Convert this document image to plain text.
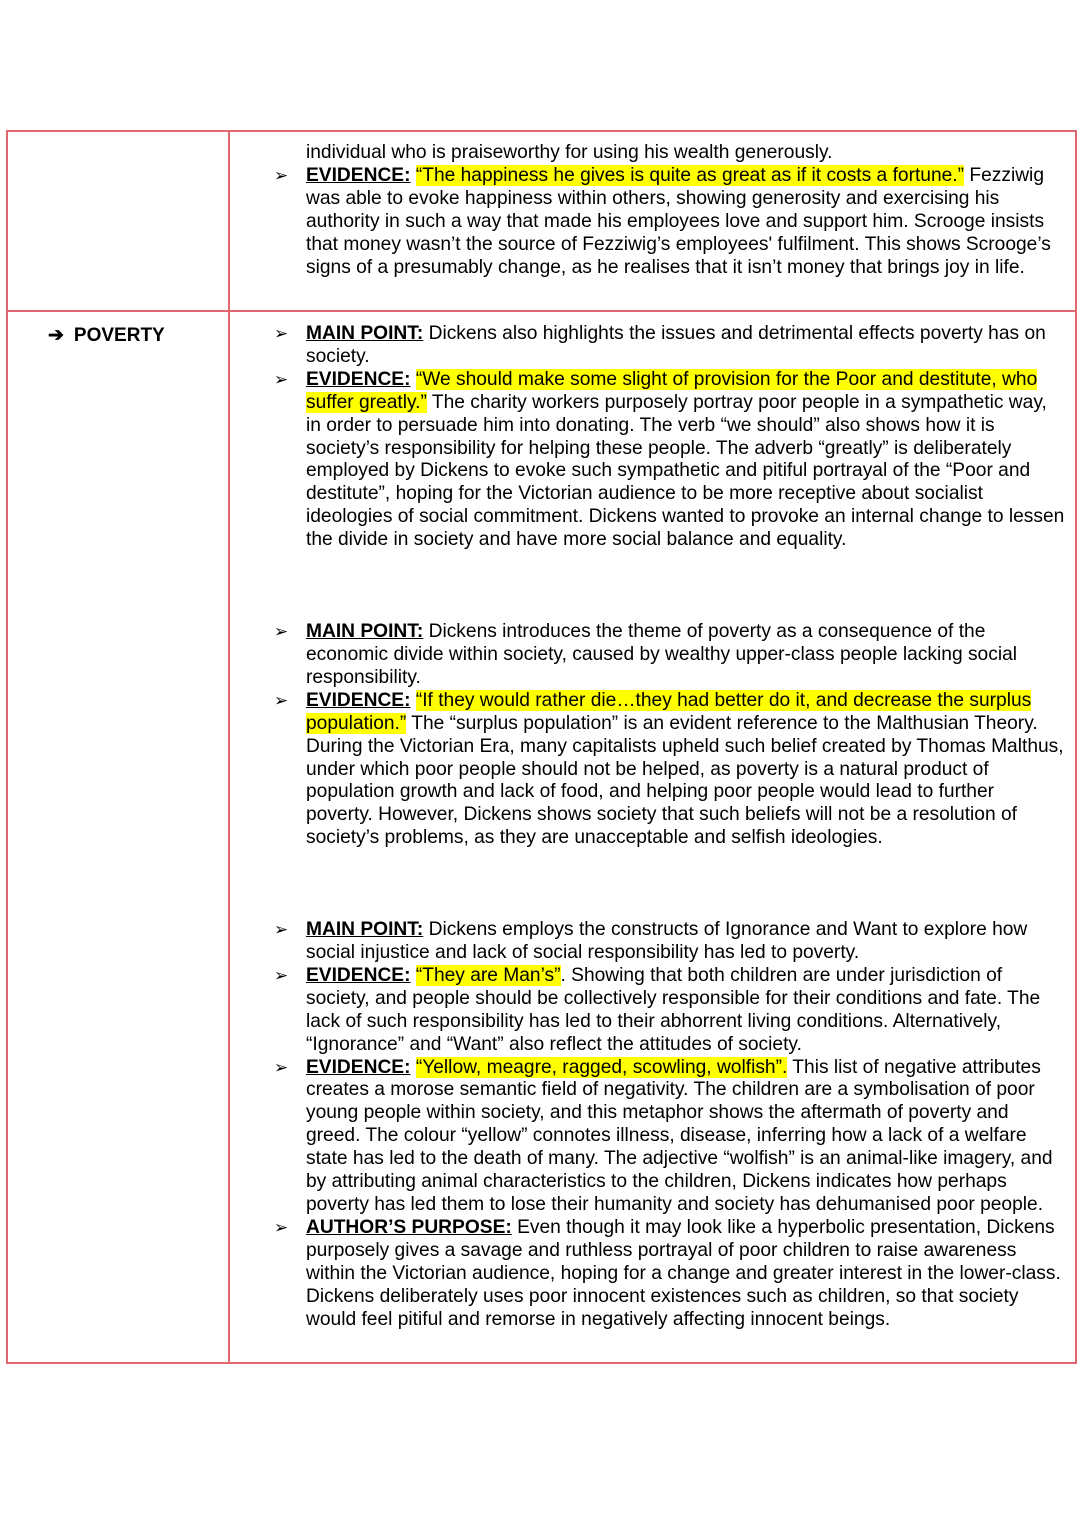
individual who is praiseworthy for using his wealth generously.
➢ EVIDENCE: “The happiness he gives is quite as great as if it costs a fortune.” Fezziwig was able to evoke happiness within others, showing generosity and exercising his authority in such a way that made his employees love and support him. Scrooge insists that money wasn’t the source of Fezziwig’s employees' fulfilment. This shows Scrooge’s signs of a presumably change, as he realises that it isn’t money that brings joy in life.
➔ POVERTY	➢ MAIN POINT: Dickens also highlights the issues and detrimental effects poverty has on society.
➢ EVIDENCE: “We should make some slight of provision for the Poor and destitute, who suffer greatly.” The charity workers purposely portray poor people in a sympathetic way, in order to persuade him into donating. The verb “we should” also shows how it is society’s responsibility for helping these people. The adverb “greatly” is deliberately employed by Dickens to evoke such sympathetic and pitiful portrayal of the “Poor and destitute”, hoping for the Victorian audience to be more receptive about socialist ideologies of social commitment. Dickens wanted to provoke an internal change to lessen the divide in society and have more social balance and equality.
➢ MAIN POINT: Dickens introduces the theme of poverty as a consequence of the economic divide within society, caused by wealthy upper-class people lacking social responsibility.
➢ EVIDENCE: “If they would rather die…they had better do it, and decrease the surplus population.” The “surplus population” is an evident reference to the Malthusian Theory. During the Victorian Era, many capitalists upheld such belief created by Thomas Malthus, under which poor people should not be helped, as poverty is a natural product of population growth and lack of food, and helping poor people would lead to further poverty. However, Dickens shows society that such beliefs will not be a resolution of society’s problems, as they are unacceptable and selfish ideologies.
➢ MAIN POINT: Dickens employs the constructs of Ignorance and Want to explore how social injustice and lack of social responsibility has led to poverty.
➢ EVIDENCE: “They are Man’s”. Showing that both children are under jurisdiction of society, and people should be collectively responsible for their conditions and fate. The lack of such responsibility has led to their abhorrent living conditions. Alternatively, “Ignorance” and “Want” also reflect the attitudes of society.
➢ EVIDENCE: “Yellow, meagre, ragged, scowling, wolfish”. This list of negative attributes creates a morose semantic field of negativity. The children are a symbolisation of poor young people within society, and this metaphor shows the aftermath of poverty and greed. The colour “yellow” connotes illness, disease, inferring how a lack of a welfare state has led to the death of many. The adjective “wolfish” is an animal-like imagery, and by attributing animal characteristics to the children, Dickens indicates how perhaps poverty has led them to lose their humanity and society has dehumanised poor people.
➢ AUTHOR’S PURPOSE: Even though it may look like a hyperbolic presentation, Dickens purposely gives a savage and ruthless portrayal of poor children to raise awareness within the Victorian audience, hoping for a change and greater interest in the lower-class. Dickens deliberately uses poor innocent existences such as children, so that society would feel pitiful and remorse in negatively affecting innocent beings.
